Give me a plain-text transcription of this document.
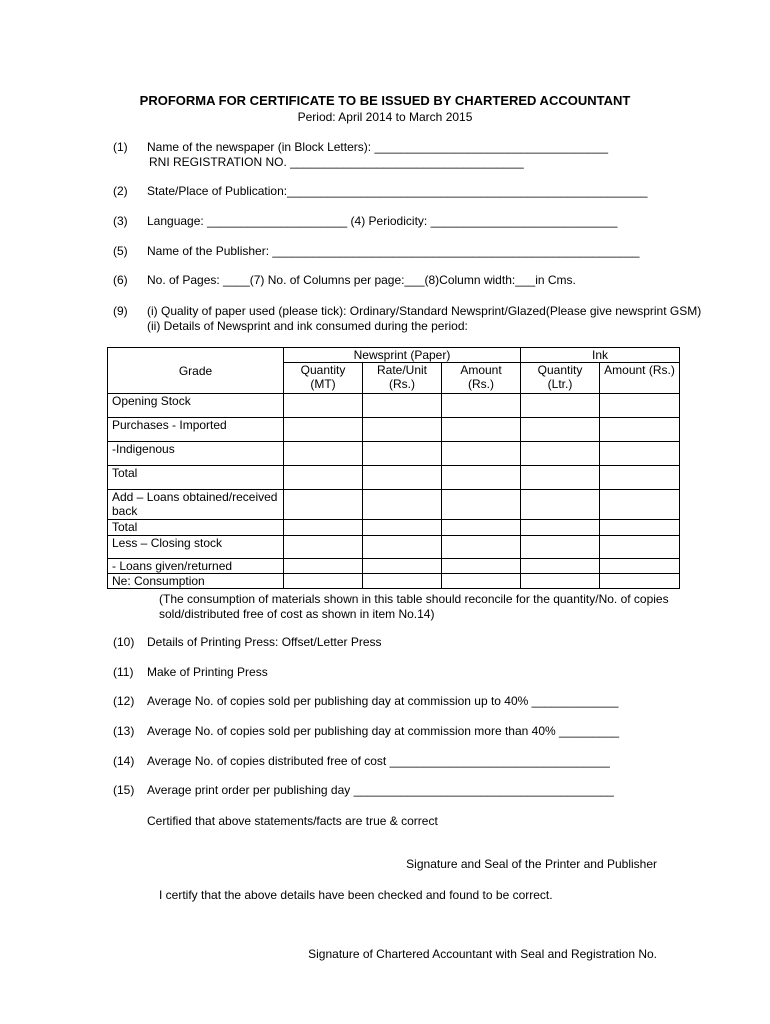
PROFORMA FOR CERTIFICATE TO BE ISSUED BY CHARTERED ACCOUNTANT
Period: April 2014 to March 2015
(1) Name of the newspaper (in Block Letters): ___________________________________
RNI REGISTRATION NO. ___________________________________
(2) State/Place of Publication:______________________________________________________
(3) Language: _____________________ (4) Periodicity: ____________________________
(5) Name of the Publisher: _______________________________________________________
(6) No. of Pages: ____(7) No. of Columns per page:___(8)Column width:___in Cms.
(9) (i) Quality of paper used (please tick): Ordinary/Standard Newsprint/Glazed(Please give newsprint GSM)
(ii) Details of Newsprint and ink consumed during the period:
Grade	Newsprint (Paper)			Ink	
	Quantity (MT)	Rate/Unit (Rs.)	Amount (Rs.)	Quantity (Ltr.)	Amount (Rs.)
Opening Stock					
Purchases - Imported					
-Indigenous					
Total					
Add – Loans obtained/received back					
Total					
Less – Closing stock					
- Loans given/returned					
Ne: Consumption					
(The consumption of materials shown in this table should reconcile for the quantity/No. of copies sold/distributed free of cost as shown in item No.14)
(10) Details of Printing Press: Offset/Letter Press
(11) Make of Printing Press
(12) Average No. of copies sold per publishing day at commission up to 40% _____________
(13) Average No. of copies sold per publishing day at commission more than 40% _________
(14) Average No. of copies distributed free of cost _________________________________
(15) Average print order per publishing day _______________________________________
Certified that above statements/facts are true & correct
Signature and Seal of the Printer and Publisher
I certify that the above details have been checked and found to be correct.
Signature of Chartered Accountant with Seal and Registration No.
